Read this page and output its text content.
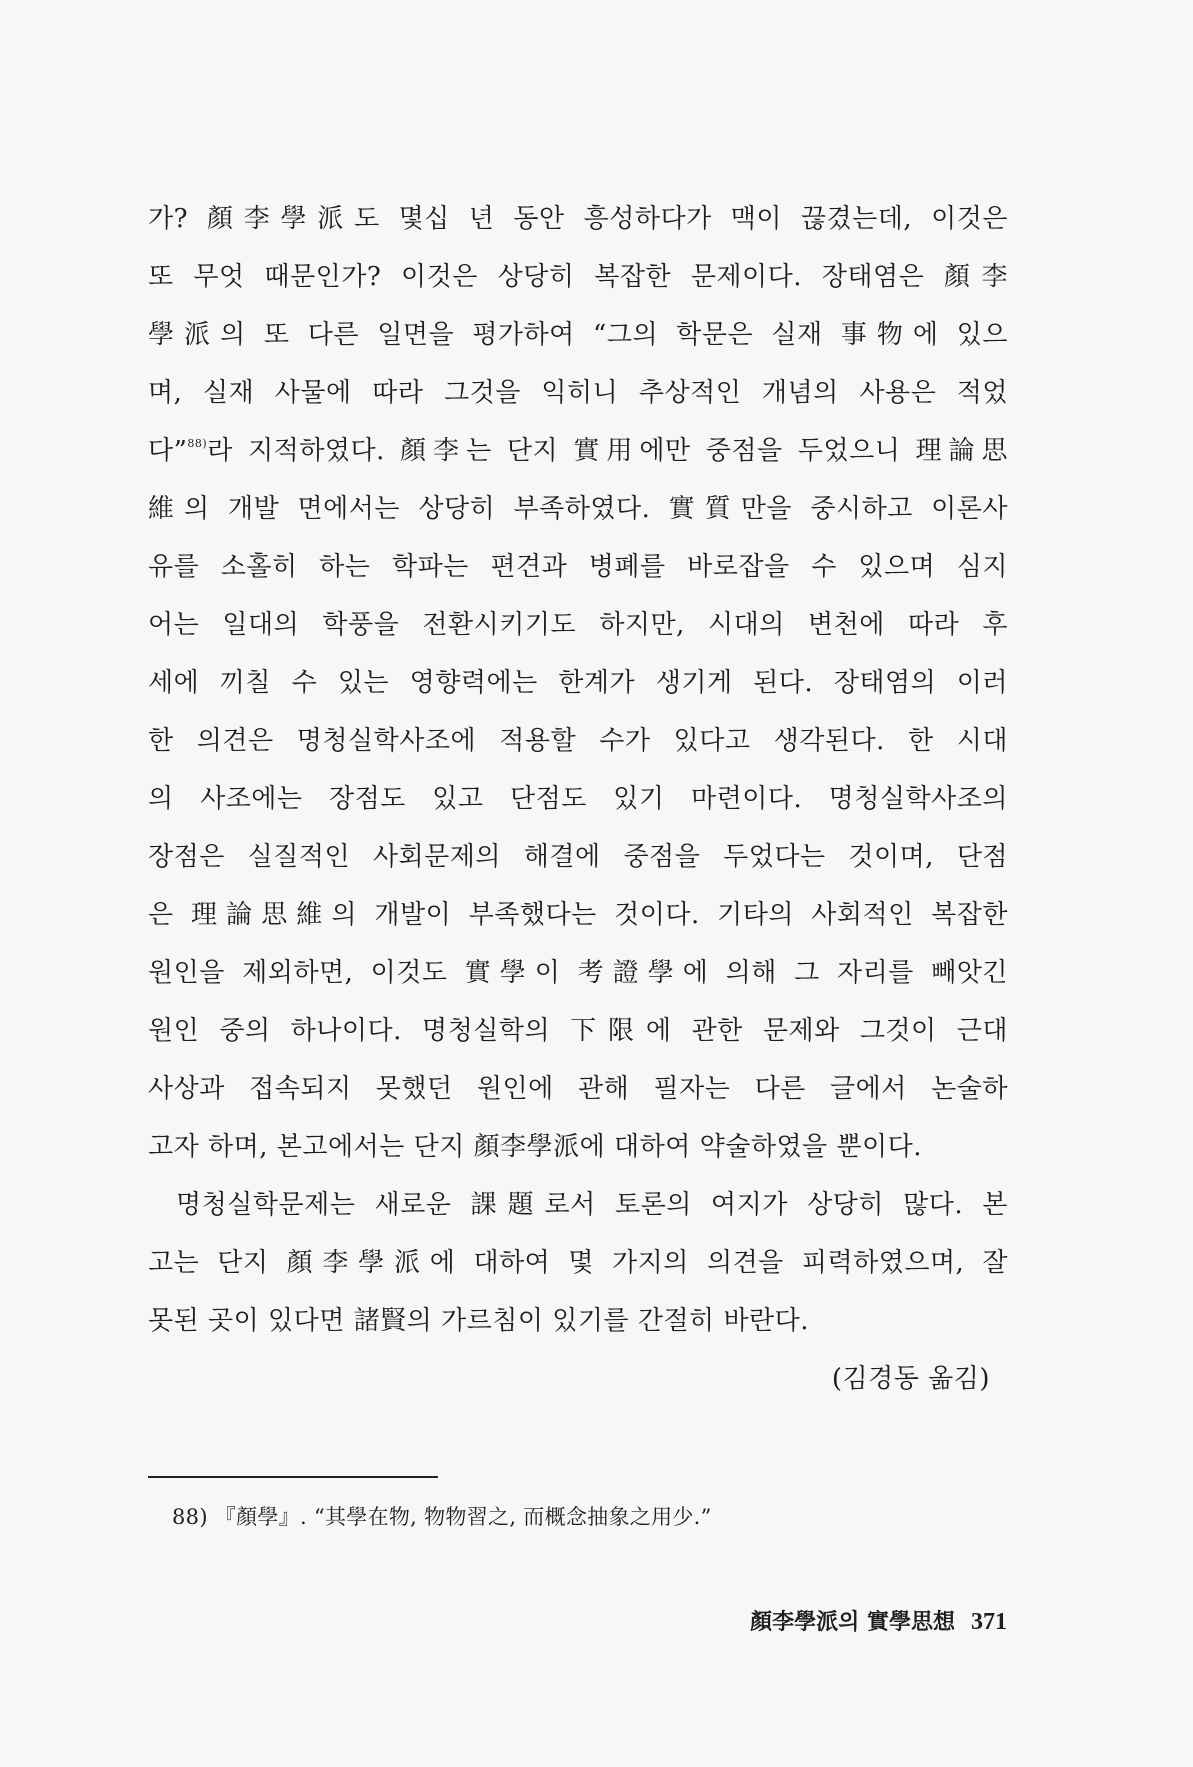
가? 顏李學派도 몇십 년 동안 흥성하다가 맥이 끊겼는데, 이것은
또 무엇 때문인가? 이것은 상당히 복잡한 문제이다. 장태염은 顏李
學派의 또 다른 일면을 평가하여 “그의 학문은 실재 事物에 있으
며, 실재 사물에 따라 그것을 익히니 추상적인 개념의 사용은 적었
다”$^{88)}$라 지적하였다. 顏李는 단지 實用에만 중점을 두었으니 理論思
維의 개발 면에서는 상당히 부족하였다. 實質만을 중시하고 이론사
유를 소홀히 하는 학파는 편견과 병폐를 바로잡을 수 있으며 심지
어는 일대의 학풍을 전환시키기도 하지만, 시대의 변천에 따라 후
세에 끼칠 수 있는 영향력에는 한계가 생기게 된다. 장태염의 이러
한 의견은 명청실학사조에 적용할 수가 있다고 생각된다. 한 시대
의 사조에는 장점도 있고 단점도 있기 마련이다. 명청실학사조의
장점은 실질적인 사회문제의 해결에 중점을 두었다는 것이며, 단점
은 理論思維의 개발이 부족했다는 것이다. 기타의 사회적인 복잡한
원인을 제외하면, 이것도 實學이 考證學에 의해 그 자리를 빼앗긴
원인 중의 하나이다. 명청실학의 下限에 관한 문제와 그것이 근대
사상과 접속되지 못했던 원인에 관해 필자는 다른 글에서 논술하
고자 하며, 본고에서는 단지 顏李學派에 대하여 약술하였을 뿐이다.
명청실학문제는 새로운 課題로서 토론의 여지가 상당히 많다. 본
고는 단지 顏李學派에 대하여 몇 가지의 의견을 피력하였으며, 잘
못된 곳이 있다면 諸賢의 가르침이 있기를 간절히 바란다.
(김경동 옮김)
88) 『顏學』. “其學在物, 物物習之, 而概念抽象之用少.”
顏李學派의 實學思想 371
